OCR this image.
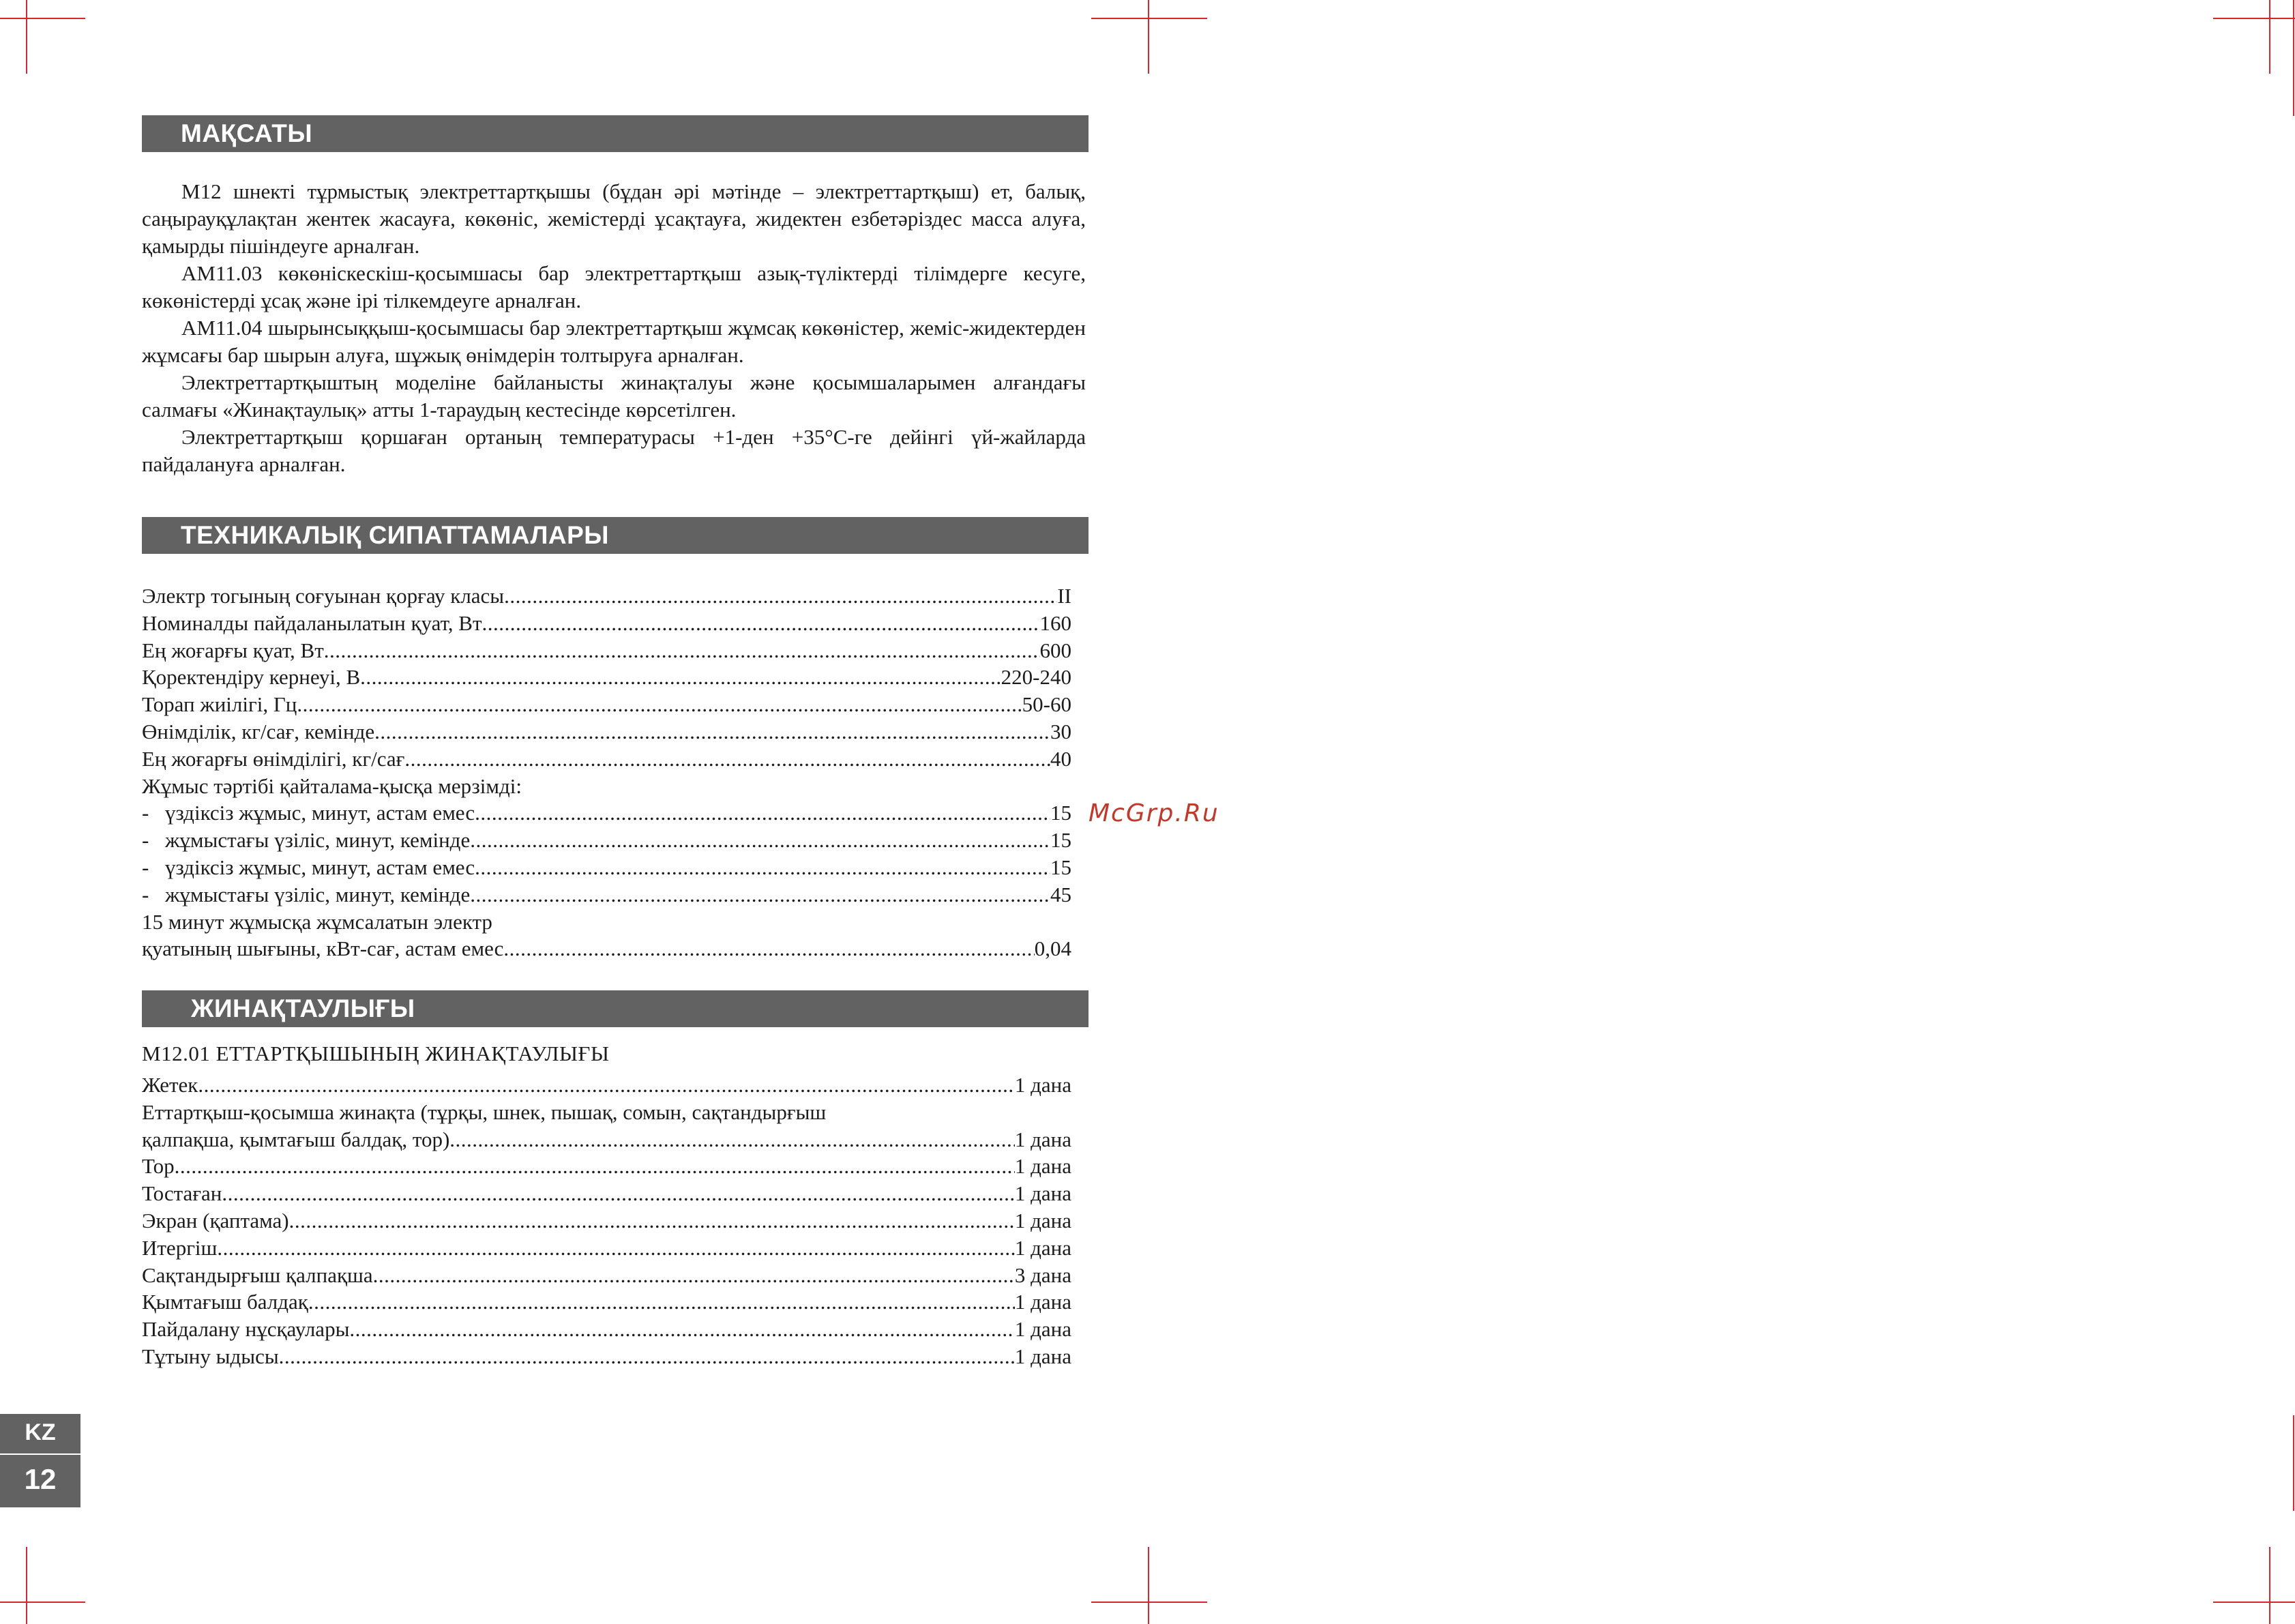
МАҚСАТЫ

М12 шнекті тұрмыстық электреттартқышы (бұдан әрі мәтінде – электреттартқыш) ет, балық, саңырауқұлақтан жентек жасауға, көкөніс, жемістерді ұсақтауға, жидектен езбетәріздес масса алуға, қамырды пішіндеуге арналған.

АМ11.03 көкөніскескіш-қосымшасы бар электреттартқыш азық-түліктерді тілімдерге кесуге, көкөністерді ұсақ және ірі тілкемдеуге арналған.

АМ11.04 шырынсыққыш-қосымшасы бар электреттартқыш жұмсақ көкөністер, жеміс-жидектерден жұмсағы бар шырын алуға, шұжық өнімдерін толтыруға арналған.

Электреттартқыштың моделіне байланысты жинақталуы және қосымшаларымен алғандағы салмағы «Жинақтаулық» атты 1-тараудың кестесінде көрсетілген.

Электреттартқыш қоршаған ортаның температурасы +1-ден +35°С-ге дейінгі үй-жайларда пайдалануға арналған.

ТЕХНИКАЛЫҚ СИПАТТАМАЛАРЫ
Электр тогының соғуынан қорғау класы .....	II
Номиналды пайдаланылатын қуат, Вт .....	160
Ең жоғарғы қуат, Вт .....	600
Қоректендіру кернеуі, В .....	220-240
Торап жиілігі, Гц .....	50-60
Өнімділік, кг/сағ, кемінде .....	30
Ең жоғарғы өнімділігі, кг/сағ .....	40
Жұмыс тәртібі қайталама-қысқа мерзімді:
- үздіксіз жұмыс, минут, астам емес .....	15
- жұмыстағы үзіліс, минут, кемінде .....	15
- үздіксіз жұмыс, минут, астам емес .....	15
- жұмыстағы үзіліс, минут, кемінде .....	45
15 минут жұмысқа жұмсалатын электр
қуатының шығыны, кВт-сағ, астам емес .....	0,04
McGrp.Ru
ЖИНАҚТАУЛЫҒЫ
М12.01 ЕТТАРТҚЫШЫНЫҢ ЖИНАҚТАУЛЫҒЫ
Жетек .....	1 дана
Еттартқыш-қосымша жинақта (тұрқы, шнек, пышақ, сомын, сақтандырғыш
қалпақша, қымтағыш балдақ, тор) .....	1 дана
Тор .....	1 дана
Тостаған .....	1 дана
Экран (қаптама) .....	1 дана
Итергіш .....	1 дана
Сақтандырғыш қалпақша .....	3 дана
Қымтағыш балдақ .....	1 дана
Пайдалану нұсқаулары .....	1 дана
Тұтыну ыдысы .....	1 дана
KZ
12
